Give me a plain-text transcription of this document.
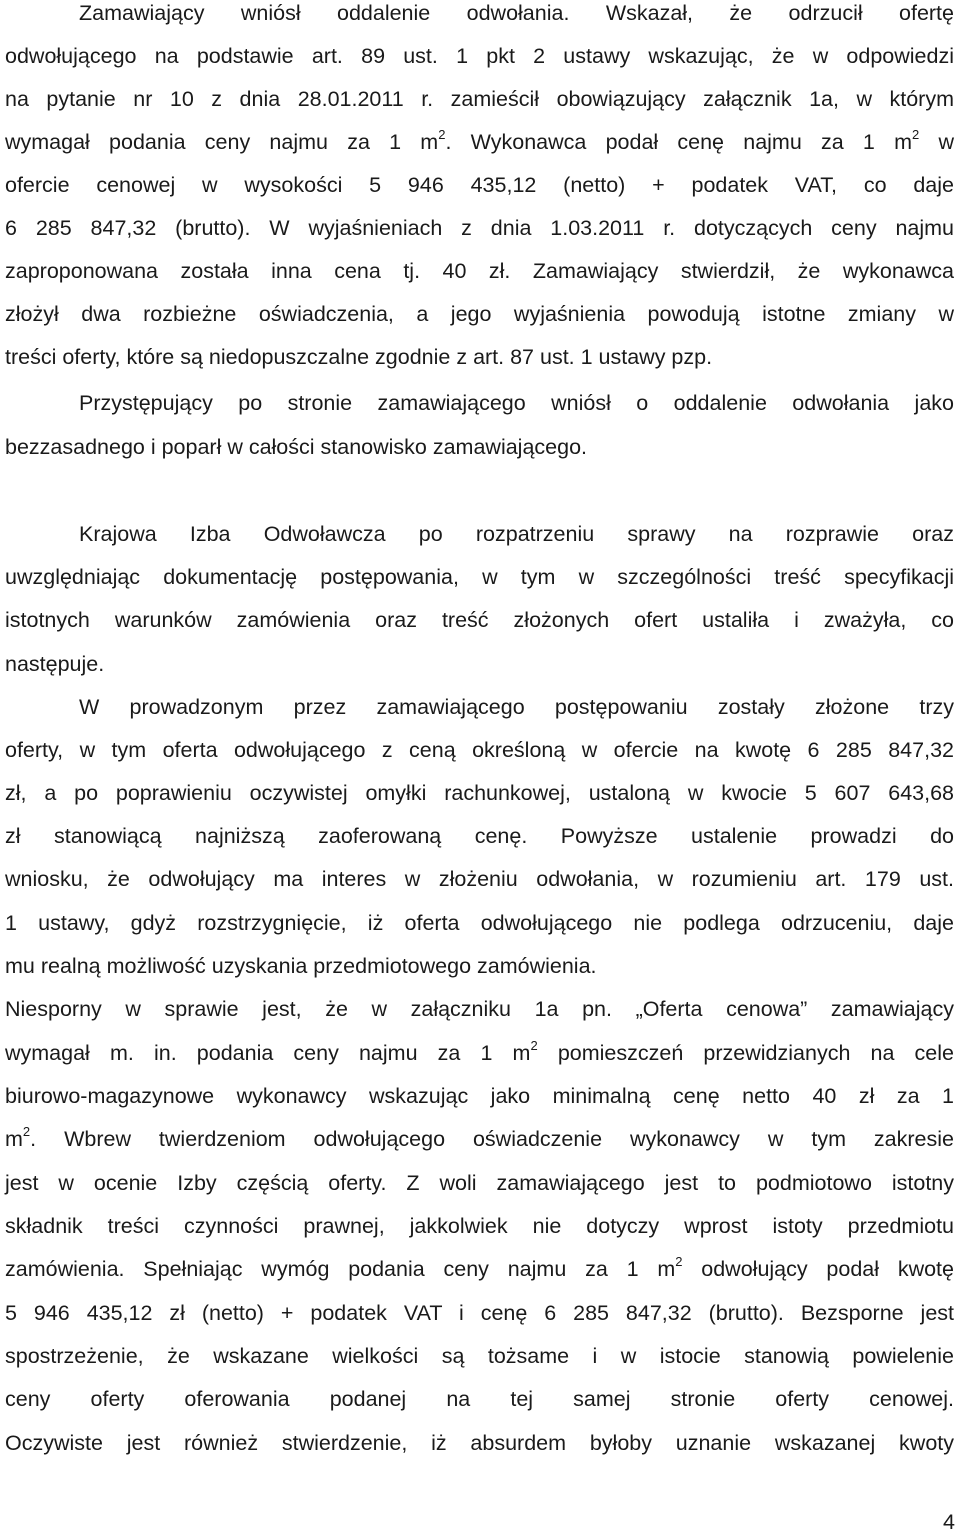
Zamawiający wniósł oddalenie odwołania. Wskazał, że odrzucił ofertę
odwołującego na podstawie art. 89 ust. 1 pkt 2 ustawy wskazując, że w odpowiedzi
na pytanie nr 10 z dnia 28.01.2011 r. zamieścił obowiązujący załącznik 1a, w którym
wymagał podania ceny najmu za 1 $m^2$. Wykonawca podał cenę najmu za 1 $m^2$ w
ofercie cenowej w wysokości 5 946 435,12 (netto) + podatek VAT, co daje
6 285 847,32 (brutto). W wyjaśnieniach z dnia 1.03.2011 r. dotyczących ceny najmu
zaproponowana została inna cena tj. 40 zł. Zamawiający stwierdził, że wykonawca
złożył dwa rozbieżne oświadczenia, a jego wyjaśnienia powodują istotne zmiany w
treści oferty, które są niedopuszczalne zgodnie z art. 87 ust. 1 ustawy pzp.
Przystępujący po stronie zamawiającego wniósł o oddalenie odwołania jako
bezzasadnego i poparł w całości stanowisko zamawiającego.
Krajowa Izba Odwoławcza po rozpatrzeniu sprawy na rozprawie oraz
uwzględniając dokumentację postępowania, w tym w szczególności treść specyfikacji
istotnych warunków zamówienia oraz treść złożonych ofert ustaliła i zważyła, co
następuje.
W prowadzonym przez zamawiającego postępowaniu zostały złożone trzy
oferty, w tym oferta odwołującego z ceną określoną w ofercie na kwotę 6 285 847,32
zł, a po poprawieniu oczywistej omyłki rachunkowej, ustaloną w kwocie 5 607 643,68
zł stanowiącą najniższą zaoferowaną cenę. Powyższe ustalenie prowadzi do
wniosku, że odwołujący ma interes w złożeniu odwołania, w rozumieniu art. 179 ust.
1 ustawy, gdyż rozstrzygnięcie, iż oferta odwołującego nie podlega odrzuceniu, daje
mu realną możliwość uzyskania przedmiotowego zamówienia.
Niesporny w sprawie jest, że w załączniku 1a pn. „Oferta cenowa” zamawiający
wymagał m. in. podania ceny najmu za 1 $m^2$ pomieszczeń przewidzianych na cele
biurowo-magazynowe wykonawcy wskazując jako minimalną cenę netto 40 zł za 1
$m^2$. Wbrew twierdzeniom odwołującego oświadczenie wykonawcy w tym zakresie
jest w ocenie Izby częścią oferty. Z woli zamawiającego jest to podmiotowo istotny
składnik treści czynności prawnej, jakkolwiek nie dotyczy wprost istoty przedmiotu
zamówienia. Spełniając wymóg podania ceny najmu za 1 $m^2$ odwołujący podał kwotę
5 946 435,12 zł (netto) + podatek VAT i cenę 6 285 847,32 (brutto). Bezsporne jest
spostrzeżenie, że wskazane wielkości są tożsame i w istocie stanowią powielenie
ceny oferty oferowania podanej na tej samej stronie oferty cenowej.
Oczywiste jest również stwierdzenie, iż absurdem byłoby uznanie wskazanej kwoty
4
